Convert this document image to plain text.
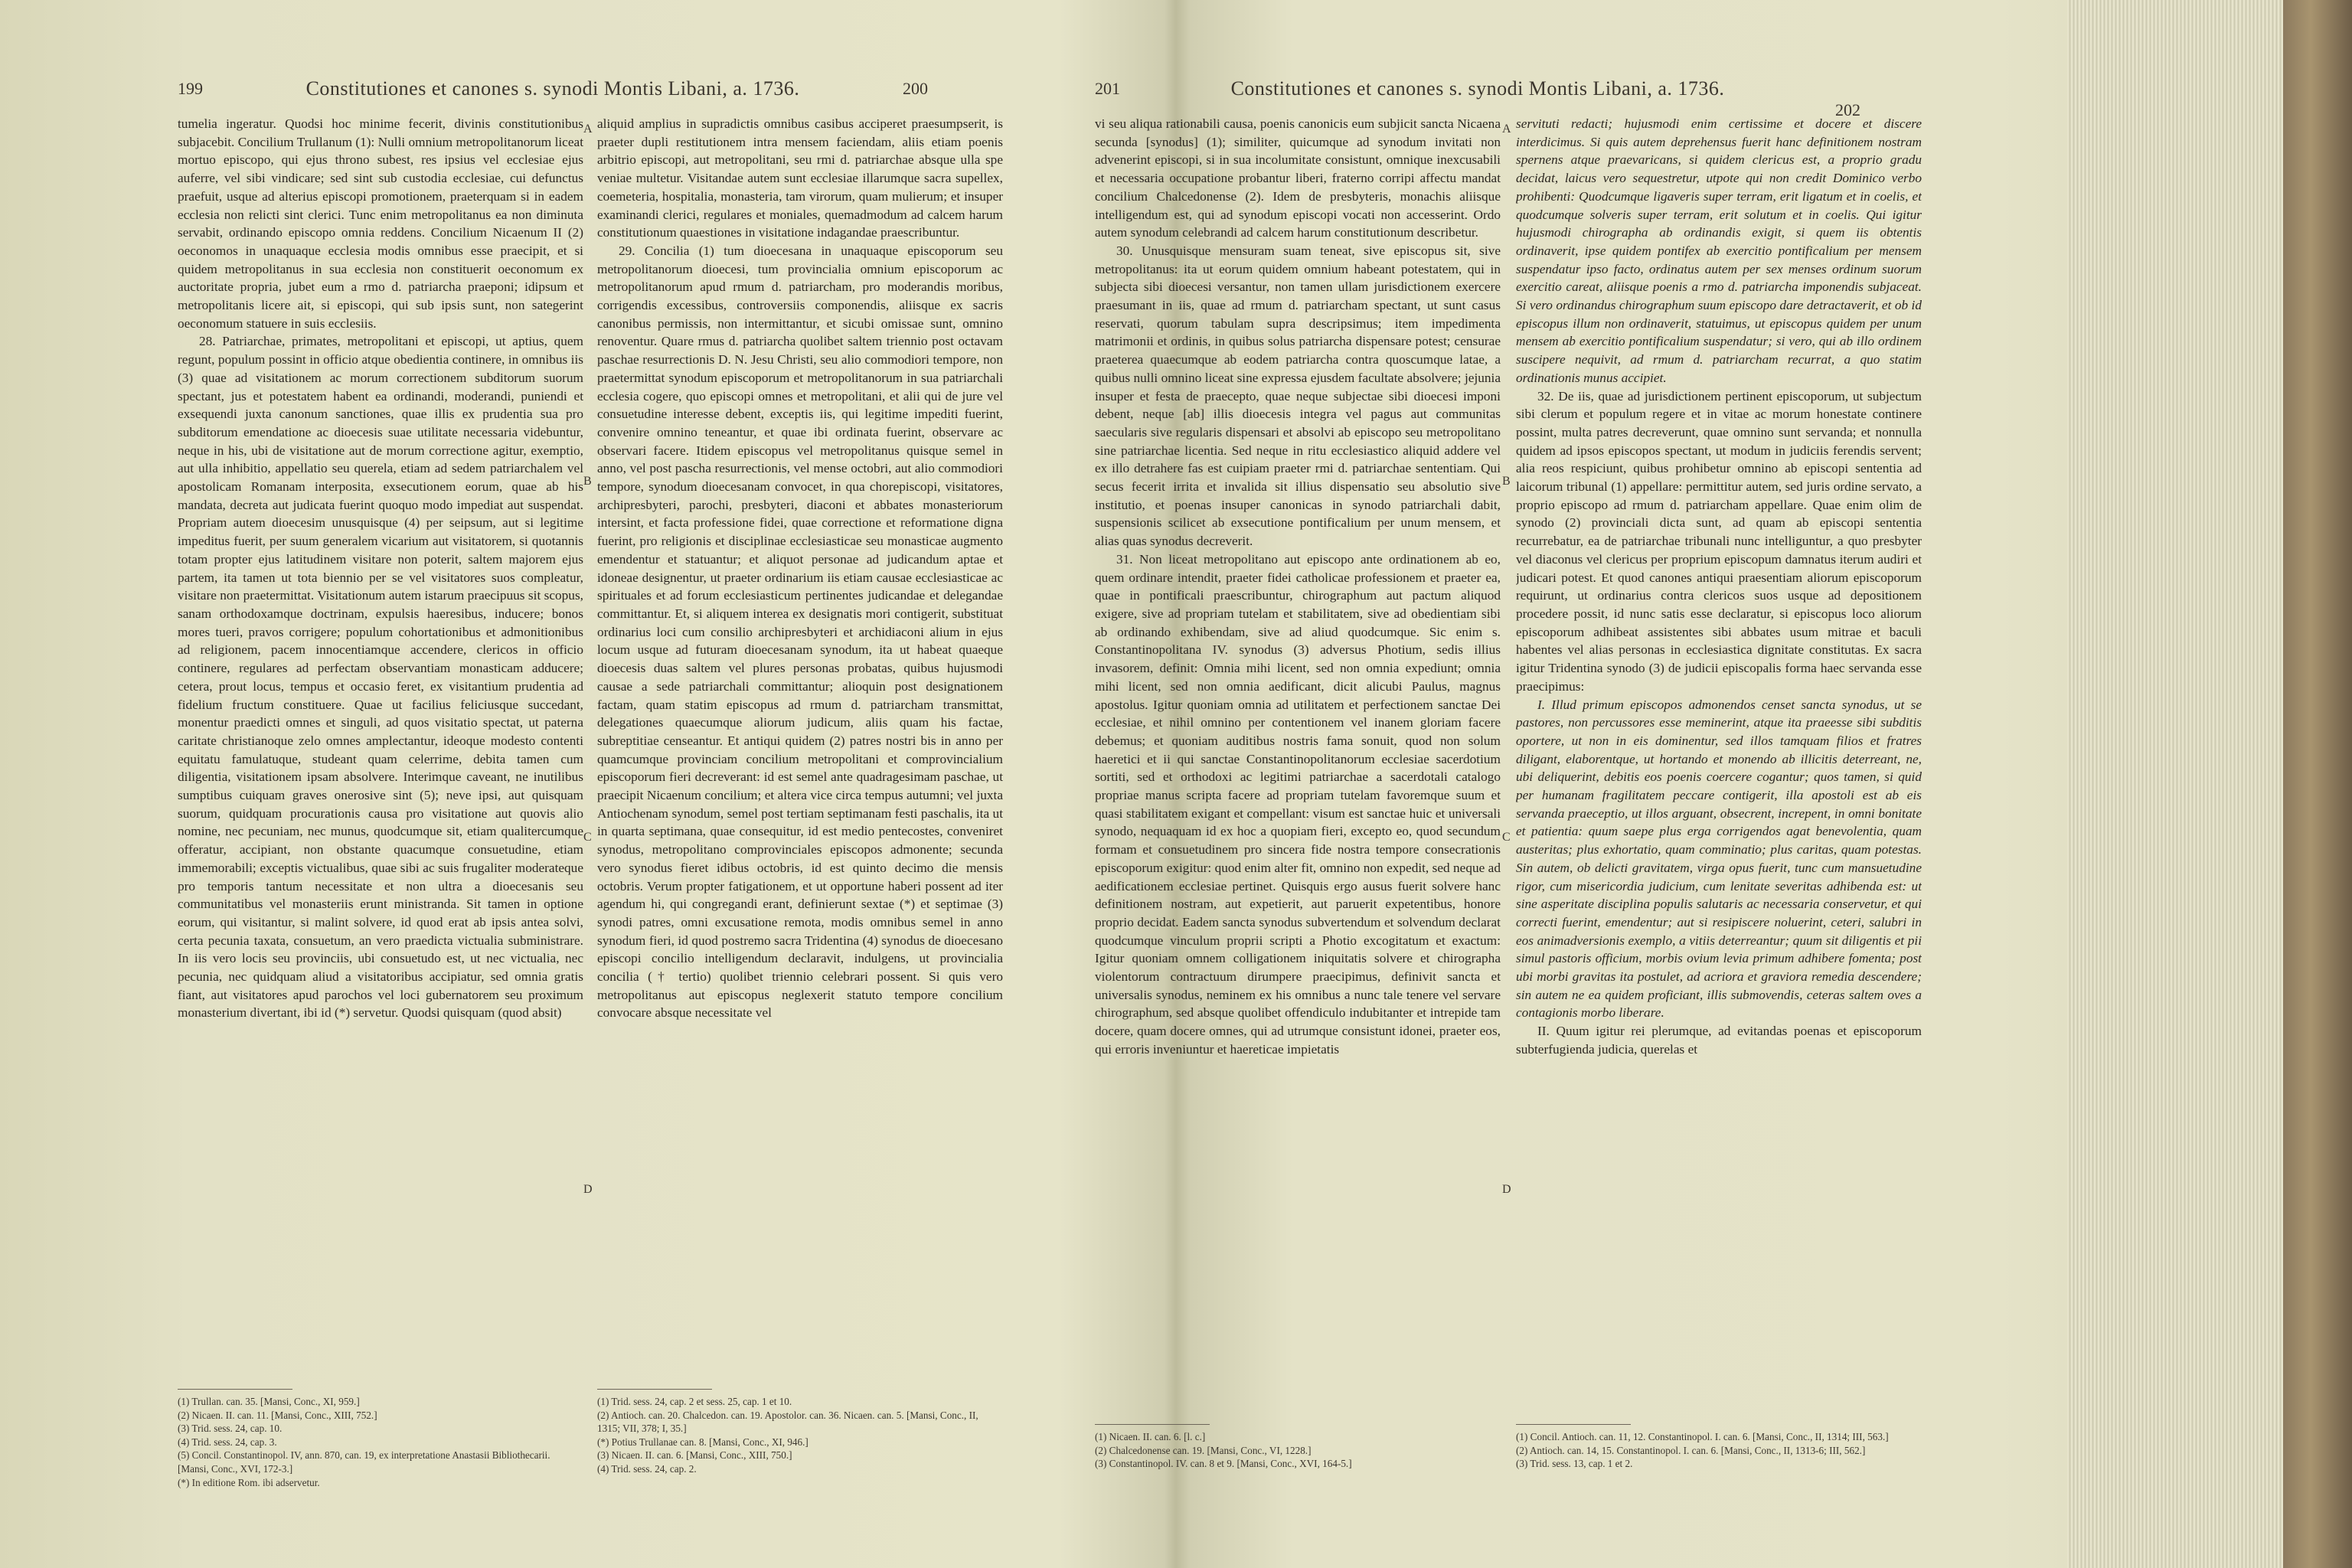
199	Constitutiones et canones s. synodi Montis Libani, a. 1736.	200

tumelia ingeratur. Quodsi hoc minime fecerit, divinis constitutionibus subjacebit. Concilium Trullanum (1): Nulli omnium metropolitanorum liceat mortuo episcopo, qui ejus throno subest, res ipsius vel ecclesiae ejus auferre, vel sibi vindicare; sed sint sub custodia ecclesiae, cui defunctus praefuit, usque ad alterius episcopi promotionem, praeterquam si in eadem ecclesia non relicti sint clerici. Tunc enim metropolitanus ea non diminuta servabit, ordinando episcopo omnia reddens. Concilium Nicaenum II (2) oeconomos in unaquaque ecclesia modis omnibus esse praecipit, et si quidem metropolitanus in sua ecclesia non constituerit oeconomum ex auctoritate propria, jubet eum a rmo d. patriarcha praeponi; idipsum et metropolitanis licere ait, si episcopi, qui sub ipsis sunt, non sategerint oeconomum statuere in suis ecclesiis.

28. Patriarchae, primates, metropolitani et episcopi, ut aptius, quem regunt, populum possint in officio atque obedientia continere, in omnibus iis (3) quae ad visitationem ac morum correctionem subditorum suorum spectant, jus et potestatem habent ea ordinandi, moderandi, puniendi et exsequendi juxta canonum sanctiones, quae illis ex prudentia sua pro subditorum emendatione ac dioecesis suae utilitate necessaria videbuntur, neque in his, ubi de visitatione aut de morum correctione agitur, exemptio, aut ulla inhibitio, appellatio seu querela, etiam ad sedem patriarchalem vel apostolicam Romanam interposita, exsecutionem eorum, quae ab his mandata, decreta aut judicata fuerint quoquo modo impediat aut suspendat. Propriam autem dioecesim unusquisque (4) per seipsum, aut si legitime impeditus fuerit, per suum generalem vicarium aut visitatorem, si quotannis totam propter ejus latitudinem visitare non poterit, saltem majorem ejus partem, ita tamen ut tota biennio per se vel visitatores suos compleatur, visitare non praetermittat. Visitationum autem istarum praecipuus sit scopus, sanam orthodoxamque doctrinam, expulsis haeresibus, inducere; bonos mores tueri, pravos corrigere; populum cohortationibus et admonitionibus ad religionem, pacem innocentiamque accendere, clericos in officio continere, regulares ad perfectam observantiam monasticam adducere; cetera, prout locus, tempus et occasio feret, ex visitantium prudentia ad fidelium fructum constituere. Quae ut facilius feliciusque succedant, monentur praedicti omnes et singuli, ad quos visitatio spectat, ut paterna caritate christianoque zelo omnes amplectantur, ideoque modesto contenti equitatu famulatuque, studeant quam celerrime, debita tamen cum diligentia, visitationem ipsam absolvere. Interimque caveant, ne inutilibus sumptibus cuiquam graves onerosive sint (5); neve ipsi, aut quisquam suorum, quidquam procurationis causa pro visitatione aut quovis alio nomine, nec pecuniam, nec munus, quodcumque sit, etiam qualitercumque offeratur, accipiant, non obstante quacumque consuetudine, etiam immemorabili; exceptis victualibus, quae sibi ac suis frugaliter moderateque pro temporis tantum necessitate et non ultra a dioecesanis seu communitatibus vel monasteriis erunt ministranda. Sit tamen in optione eorum, qui visitantur, si malint solvere, id quod erat ab ipsis antea solvi, certa pecunia taxata, consuetum, an vero praedicta victualia subministrare. In iis vero locis seu provinciis, ubi consuetudo est, ut nec victualia, nec pecunia, nec quidquam aliud a visitatoribus accipiatur, sed omnia gratis fiant, aut visitatores apud parochos vel loci gubernatorem seu proximum monasterium divertant, ibi id (*) servetur. Quodsi quisquam (quod absit)

A
B
C
D

aliquid amplius in supradictis omnibus casibus acciperet praesumpserit, is praeter dupli restitutionem intra mensem faciendam, aliis etiam poenis arbitrio episcopi, aut metropolitani, seu rmi d. patriarchae absque ulla spe veniae multetur. Visitandae autem sunt ecclesiae illarumque sacra supellex, coemeteria, hospitalia, monasteria, tam virorum, quam mulierum; et insuper examinandi clerici, regulares et moniales, quemadmodum ad calcem harum constitutionum quaestiones in visitatione indagandae praescribuntur.

29. Concilia (1) tum dioecesana in unaquaque episcoporum seu metropolitanorum dioecesi, tum provincialia omnium episcoporum ac metropolitanorum apud rmum d. patriarcham, pro moderandis moribus, corrigendis excessibus, controversiis componendis, aliisque ex sacris canonibus permissis, non intermittantur, et sicubi omissae sunt, omnino renoventur. Quare rmus d. patriarcha quolibet saltem triennio post octavam paschae resurrectionis D. N. Jesu Christi, seu alio commodiori tempore, non praetermittat synodum episcoporum et metropolitanorum in sua patriarchali ecclesia cogere, quo episcopi omnes et metropolitani, et alii qui de jure vel consuetudine interesse debent, exceptis iis, qui legitime impediti fuerint, convenire omnino teneantur, et quae ibi ordinata fuerint, observare ac observari facere. Itidem episcopus vel metropolitanus quisque semel in anno, vel post pascha resurrectionis, vel mense octobri, aut alio commodiori tempore, synodum dioecesanam convocet, in qua chorepiscopi, visitatores, archipresbyteri, parochi, presbyteri, diaconi et abbates monasteriorum intersint, et facta professione fidei, quae correctione et reformatione digna fuerint, pro religionis et disciplinae ecclesiasticae seu monasticae augmento emendentur et statuantur; et aliquot personae ad judicandum aptae et idoneae designentur, ut praeter ordinarium iis etiam causae ecclesiasticae ac spirituales et ad forum ecclesiasticum pertinentes judicandae et delegandae committantur. Et, si aliquem interea ex designatis mori contigerit, substituat ordinarius loci cum consilio archipresbyteri et archidiaconi alium in ejus locum usque ad futuram dioecesanam synodum, ita ut habeat quaeque dioecesis duas saltem vel plures personas probatas, quibus hujusmodi causae a sede patriarchali committantur; alioquin post designationem factam, quam statim episcopus ad rmum d. patriarcham transmittat, delegationes quaecumque aliorum judicum, aliis quam his factae, subreptitiae censeantur. Et antiqui quidem (2) patres nostri bis in anno per quamcumque provinciam concilium metropolitani et comprovincialium episcoporum fieri decreverant: id est semel ante quadragesimam paschae, ut praecipit Nicaenum concilium; et altera vice circa tempus autumni; vel juxta Antiochenam synodum, semel post tertiam septimanam festi paschalis, ita ut in quarta septimana, quae consequitur, id est medio pentecostes, conveniret synodus, metropolitano comprovinciales episcopos admonente; secunda vero synodus fieret idibus octobris, id est quinto decimo die mensis octobris. Verum propter fatigationem, et ut opportune haberi possent ad iter agendum hi, qui congregandi erant, definierunt sextae (*) et septimae (3) synodi patres, omni excusatione remota, modis omnibus semel in anno synodum fieri, id quod postremo sacra Tridentina (4) synodus de dioecesano episcopi concilio intelligendum declaravit, indulgens, ut provincialia concilia († tertio) quolibet triennio celebrari possent. Si quis vero metropolitanus aut episcopus neglexerit statuto tempore concilium convocare absque necessitate vel

(1) Trullan. can. 35. [Mansi, Conc., XI, 959.]
(2) Nicaen. II. can. 11. [Mansi, Conc., XIII, 752.]
(3) Trid. sess. 24, cap. 10.
(4) Trid. sess. 24, cap. 3.
(5) Concil. Constantinopol. IV, ann. 870, can. 19, ex interpretatione Anastasii Bibliothecarii. [Mansi, Conc., XVI, 172-3.]
(*) In editione Rom. ibi adservetur.
(1) Trid. sess. 24, cap. 2 et sess. 25, cap. 1 et 10.
(2) Antioch. can. 20. Chalcedon. can. 19. Apostolor. can. 36. Nicaen. can. 5. [Mansi, Conc., II, 1315; VII, 378; I, 35.]
(*) Potius Trullanae can. 8. [Mansi, Conc., XI, 946.]
(3) Nicaen. II. can. 6. [Mansi, Conc., XIII, 750.]
(4) Trid. sess. 24, cap. 2.
201	Constitutiones et canones s. synodi Montis Libani, a. 1736.
202

vi seu aliqua rationabili causa, poenis canonicis eum subjicit sancta Nicaena secunda [synodus] (1); similiter, quicumque ad synodum invitati non advenerint episcopi, si in sua incolumitate consistunt, omnique inexcusabili et necessaria occupatione probantur liberi, fraterno corripi affectu mandat concilium Chalcedonense (2). Idem de presbyteris, monachis aliisque intelligendum est, qui ad synodum episcopi vocati non accesserint. Ordo autem synodum celebrandi ad calcem harum constitutionum describetur.

30. Unusquisque mensuram suam teneat, sive episcopus sit, sive metropolitanus: ita ut eorum quidem omnium habeant potestatem, qui in subjecta sibi dioecesi versantur, non tamen ullam jurisdictionem exercere praesumant in iis, quae ad rmum d. patriarcham spectant, ut sunt casus reservati, quorum tabulam supra descripsimus; item impedimenta matrimonii et ordinis, in quibus solus patriarcha dispensare potest; censurae praeterea quaecumque ab eodem patriarcha contra quoscumque latae, a quibus nulli omnino liceat sine expressa ejusdem facultate absolvere; jejunia insuper et festa de praecepto, quae neque subjectae sibi dioecesi imponi debent, neque [ab] illis dioecesis integra vel pagus aut communitas saecularis sive regularis dispensari et absolvi ab episcopo seu metropolitano sine patriarchae licentia. Sed neque in ritu ecclesiastico aliquid addere vel ex illo detrahere fas est cuipiam praeter rmi d. patriarchae sententiam. Qui secus fecerit irrita et invalida sit illius dispensatio seu absolutio sive institutio, et poenas insuper canonicas in synodo patriarchali dabit, suspensionis scilicet ab exsecutione pontificalium per unum mensem, et alias quas synodus decreverit.

31. Non liceat metropolitano aut episcopo ante ordinationem ab eo, quem ordinare intendit, praeter fidei catholicae professionem et praeter ea, quae in pontificali praescribuntur, chirographum aut pactum aliquod exigere, sive ad propriam tutelam et stabilitatem, sive ad obedientiam sibi ab ordinando exhibendam, sive ad aliud quodcumque. Sic enim s. Constantinopolitana IV. synodus (3) adversus Photium, sedis illius invasorem, definit: Omnia mihi licent, sed non omnia expediunt; omnia mihi licent, sed non omnia aedificant, dicit alicubi Paulus, magnus apostolus. Igitur quoniam omnia ad utilitatem et perfectionem sanctae Dei ecclesiae, et nihil omnino per contentionem vel inanem gloriam facere debemus; et quoniam auditibus nostris fama sonuit, quod non solum haeretici et ii qui sanctae Constantinopolitanorum ecclesiae sacerdotium sortiti, sed et orthodoxi ac legitimi patriarchae a sacerdotali catalogo propriae manus scripta facere ad propriam tutelam favoremque suum et quasi stabilitatem exigant et compellant: visum est sanctae huic et universali synodo, nequaquam id ex hoc a quopiam fieri, excepto eo, quod secundum formam et consuetudinem pro sincera fide nostra tempore consecrationis episcoporum exigitur: quod enim alter fit, omnino non expedit, sed neque ad aedificationem ecclesiae pertinet. Quisquis ergo ausus fuerit solvere hanc definitionem nostram, aut expetierit, aut paruerit expetentibus, honore proprio decidat. Eadem sancta synodus subvertendum et solvendum declarat quodcumque vinculum proprii scripti a Photio excogitatum et exactum: Igitur quoniam omnem colligationem iniquitatis solvere et chirographa violentorum contractuum dirumpere praecipimus, definivit sancta et universalis synodus, neminem ex his omnibus a nunc tale tenere vel servare chirographum, sed absque quolibet offendiculo indubitanter et intrepide tam docere, quam docere omnes, qui ad utrumque consistunt idonei, praeter eos, qui erroris inveniuntur et haereticae impietatis

A
B
C
D

servituti redacti; hujusmodi enim certissime et docere et discere interdicimus. Si quis autem deprehensus fuerit hanc definitionem nostram spernens atque praevaricans, si quidem clericus est, a proprio gradu decidat, laicus vero sequestretur, utpote qui non credit Dominico verbo prohibenti: Quodcumque ligaveris super terram, erit ligatum et in coelis, et quodcumque solveris super terram, erit solutum et in coelis. Qui igitur hujusmodi chirographa ab ordinandis exigit, si quem iis obtentis ordinaverit, ipse quidem pontifex ab exercitio pontificalium per mensem suspendatur ipso facto, ordinatus autem per sex menses ordinum suorum exercitio careat, aliisque poenis a rmo d. patriarcha imponendis subjaceat. Si vero ordinandus chirographum suum episcopo dare detractaverit, et ob id episcopus illum non ordinaverit, statuimus, ut episcopus quidem per unum mensem ab exercitio pontificalium suspendatur; si vero, qui ab illo ordinem suscipere nequivit, ad rmum d. patriarcham recurrat, a quo statim ordinationis munus accipiet.

32. De iis, quae ad jurisdictionem pertinent episcoporum, ut subjectum sibi clerum et populum regere et in vitae ac morum honestate continere possint, multa patres decreverunt, quae omnino sunt servanda; et nonnulla quidem ad ipsos episcopos spectant, ut modum in judiciis ferendis servent; alia reos respiciunt, quibus prohibetur omnino ab episcopi sententia ad laicorum tribunal (1) appellare: permittitur autem, sed juris ordine servato, a proprio episcopo ad rmum d. patriarcham appellare. Quae enim olim de synodo (2) provinciali dicta sunt, ad quam ab episcopi sententia recurrebatur, ea de patriarchae tribunali nunc intelliguntur, a quo presbyter vel diaconus vel clericus per proprium episcopum damnatus iterum audiri et judicari potest. Et quod canones antiqui praesentiam aliorum episcoporum requirunt, ut ordinarius contra clericos suos usque ad depositionem procedere possit, id nunc satis esse declaratur, si episcopus loco aliorum episcoporum adhibeat assistentes sibi abbates usum mitrae et baculi habentes vel alias personas in ecclesiastica dignitate constitutas. Ex sacra igitur Tridentina synodo (3) de judicii episcopalis forma haec servanda esse praecipimus:

I. Illud primum episcopos admonendos censet sancta synodus, ut se pastores, non percussores esse meminerint, atque ita praeesse sibi subditis oportere, ut non in eis dominentur, sed illos tamquam filios et fratres diligant, elaborentque, ut hortando et monendo ab illicitis deterreant, ne, ubi deliquerint, debitis eos poenis coercere cogantur; quos tamen, si quid per humanam fragilitatem peccare contigerit, illa apostoli est ab eis servanda praeceptio, ut illos arguant, obsecrent, increpent, in omni bonitate et patientia: quum saepe plus erga corrigendos agat benevolentia, quam austeritas; plus exhortatio, quam comminatio; plus caritas, quam potestas. Sin autem, ob delicti gravitatem, virga opus fuerit, tunc cum mansuetudine rigor, cum misericordia judicium, cum lenitate severitas adhibenda est: ut sine asperitate disciplina populis salutaris ac necessaria conservetur, et qui correcti fuerint, emendentur; aut si resipiscere noluerint, ceteri, salubri in eos animadversionis exemplo, a vitiis deterreantur; quum sit diligentis et pii simul pastoris officium, morbis ovium levia primum adhibere fomenta; post ubi morbi gravitas ita postulet, ad acriora et graviora remedia descendere; sin autem ne ea quidem proficiant, illis submovendis, ceteras saltem oves a contagionis morbo liberare.

II. Quum igitur rei plerumque, ad evitandas poenas et episcoporum subterfugienda judicia, querelas et

(1) Nicaen. II. can. 6. [l. c.]
(2) Chalcedonense can. 19. [Mansi, Conc., VI, 1228.]
(3) Constantinopol. IV. can. 8 et 9. [Mansi, Conc., XVI, 164-5.]
(1) Concil. Antioch. can. 11, 12. Constantinopol. I. can. 6. [Mansi, Conc., II, 1314; III, 563.]
(2) Antioch. can. 14, 15. Constantinopol. I. can. 6. [Mansi, Conc., II, 1313-6; III, 562.]
(3) Trid. sess. 13, cap. 1 et 2.
